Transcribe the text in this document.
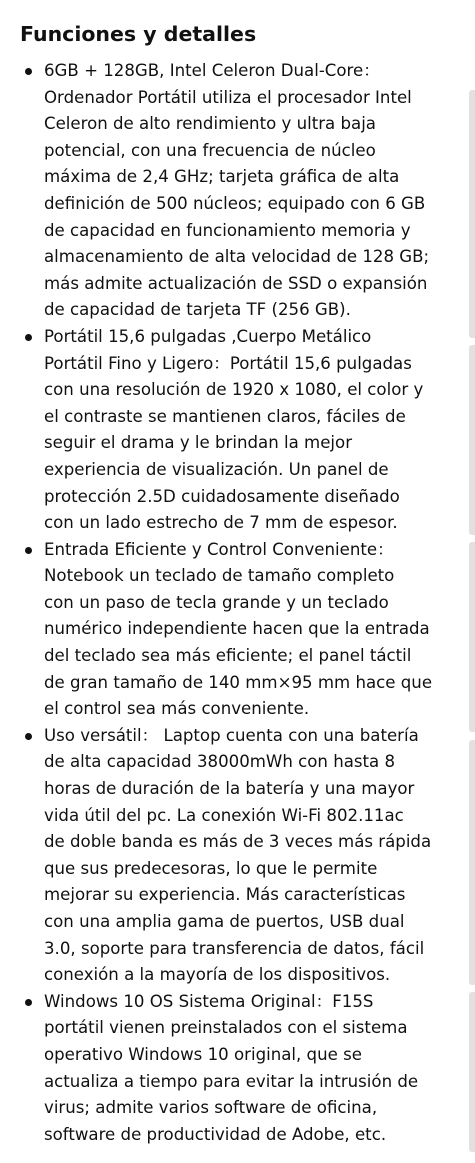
Funciones y detalles
6GB + 128GB, Intel Celeron Dual-Core：
Ordenador Portátil utiliza el procesador Intel
Celeron de alto rendimiento y ultra baja
potencial, con una frecuencia de núcleo
máxima de 2,4 GHz; tarjeta gráfica de alta
definición de 500 núcleos; equipado con 6 GB
de capacidad en funcionamiento memoria y
almacenamiento de alta velocidad de 128 GB;
más admite actualización de SSD o expansión
de capacidad de tarjeta TF (256 GB).
Portátil 15,6 pulgadas ,Cuerpo Metálico
Portátil Fino y Ligero：Portátil 15,6 pulgadas
con una resolución de 1920 x 1080, el color y
el contraste se mantienen claros, fáciles de
seguir el drama y le brindan la mejor
experiencia de visualización. Un panel de
protección 2.5D cuidadosamente diseñado
con un lado estrecho de 7 mm de espesor.
Entrada Eficiente y Control Conveniente：
Notebook un teclado de tamaño completo
con un paso de tecla grande y un teclado
numérico independiente hacen que la entrada
del teclado sea más eficiente; el panel táctil
de gran tamaño de 140 mm×95 mm hace que
el control sea más conveniente.
Uso versátil： Laptop cuenta con una batería
de alta capacidad 38000mWh con hasta 8
horas de duración de la batería y una mayor
vida útil del pc. La conexión Wi-Fi 802.11ac
de doble banda es más de 3 veces más rápida
que sus predecesoras, lo que le permite
mejorar su experiencia. Más características
con una amplia gama de puertos, USB dual
3.0, soporte para transferencia de datos, fácil
conexión a la mayoría de los dispositivos.
Windows 10 OS Sistema Original：F15S
portátil vienen preinstalados con el sistema
operativo Windows 10 original, que se
actualiza a tiempo para evitar la intrusión de
virus; admite varios software de oficina,
software de productividad de Adobe, etc.
